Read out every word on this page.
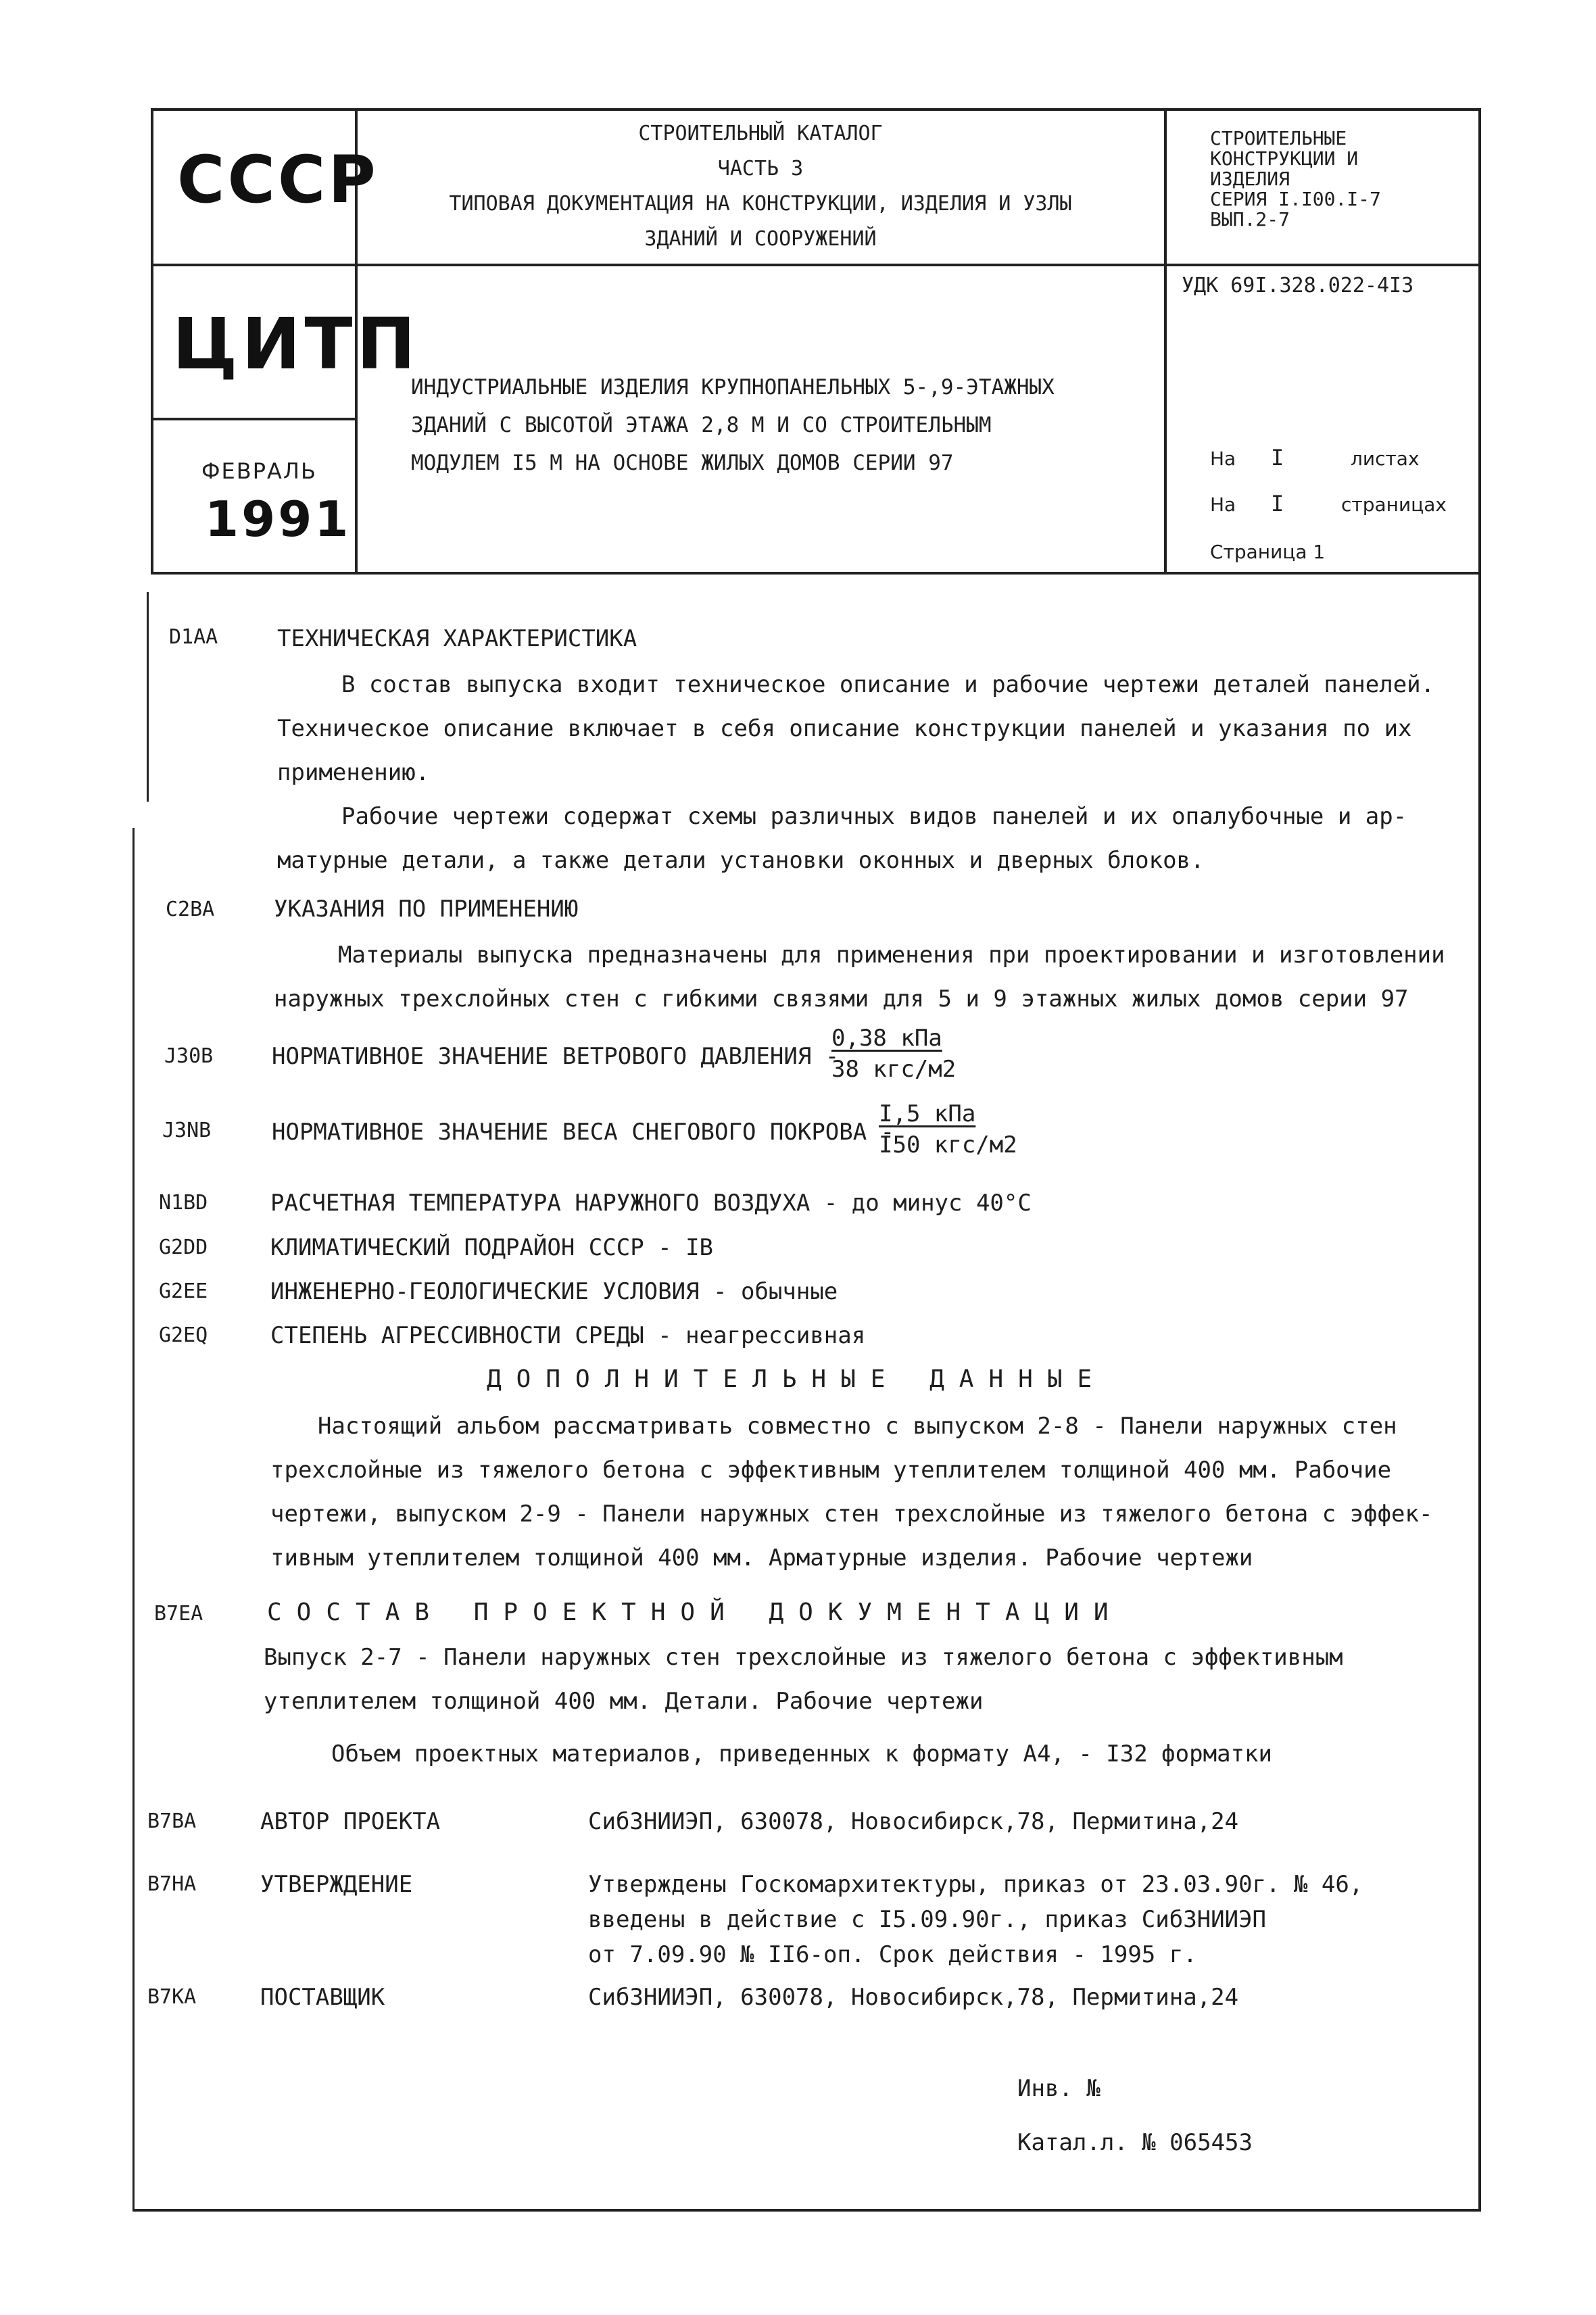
СССР
ЦИТП
ФЕВРАЛЬ
1991
СТРОИТЕЛЬНЫЙ КАТАЛОГ
ЧАСТЬ 3
ТИПОВАЯ ДОКУМЕНТАЦИЯ НА КОНСТРУКЦИИ, ИЗДЕЛИЯ И УЗЛЫ
ЗДАНИЙ И СООРУЖЕНИЙ
СТРОИТЕЛЬНЫЕ
КОНСТРУКЦИИ И
ИЗДЕЛИЯ
СЕРИЯ I.I00.I-7
ВЫП.2-7
УДК 69I.328.022-4I3
ИНДУСТРИАЛЬНЫЕ ИЗДЕЛИЯ КРУПНОПАНЕЛЬНЫХ 5-,9-ЭТАЖНЫХ
ЗДАНИЙ С ВЫСОТОЙ ЭТАЖА 2,8 М И СО СТРОИТЕЛЬНЫМ
МОДУЛЕМ I5 М НА ОСНОВЕ ЖИЛЫХ ДОМОВ СЕРИИ 97	На I	листах
На I	страницах
Страница 1
D1AA	ТЕХНИЧЕСКАЯ ХАРАКТЕРИСТИКА
В состав выпуска входит техническое описание и рабочие чертежи деталей панелей.
Техническое описание включает в себя описание конструкции панелей и указания по их
применению.
Рабочие чертежи содержат схемы различных видов панелей и их опалубочные и ар-
матурные детали, а также детали установки оконных и дверных блоков.
C2BA	УКАЗАНИЯ ПО ПРИМЕНЕНИЮ
Материалы выпуска предназначены для применения при проектировании и изготовлении
наружных трехслойных стен с гибкими связями для 5 и 9 этажных жилых домов серии 97
J30B	НОРМАТИВНОЕ ЗНАЧЕНИЕ ВЕТРОВОГО ДАВЛЕНИЯ -
0,38 кПа
38 кгс/м2
J3NB	НОРМАТИВНОЕ ЗНАЧЕНИЕ ВЕСА СНЕГОВОГО ПОКРОВА -
I,5 кПа
I50 кгс/м2
N1BD	РАСЧЕТНАЯ ТЕМПЕРАТУРА НАРУЖНОГО ВОЗДУХА - до минус 40°С
G2DD	КЛИМАТИЧЕСКИЙ ПОДРАЙОН СССР - IB
G2EE	ИНЖЕНЕРНО-ГЕОЛОГИЧЕСКИЕ УСЛОВИЯ - обычные
G2EQ	СТЕПЕНЬ АГРЕССИВНОСТИ СРЕДЫ - неагрессивная
ДОПОЛНИТЕЛЬНЫЕ ДАННЫЕ
Настоящий альбом рассматривать совместно с выпуском 2-8 - Панели наружных стен
трехслойные из тяжелого бетона с эффективным утеплителем толщиной 400 мм. Рабочие
чертежи, выпуском 2-9 - Панели наружных стен трехслойные из тяжелого бетона с эффек-
тивным утеплителем толщиной 400 мм. Арматурные изделия. Рабочие чертежи
B7EA	СОСТАВ ПРОЕКТНОЙ ДОКУМЕНТАЦИИ
Выпуск 2-7 - Панели наружных стен трехслойные из тяжелого бетона с эффективным
утеплителем толщиной 400 мм. Детали. Рабочие чертежи
Объем проектных материалов, приведенных к формату А4, - I32 форматки
B7BA	АВТОР ПРОЕКТА	СибЗНИИЭП, 630078, Новосибирск,78, Пермитина,24
B7HA	УТВЕРЖДЕНИЕ	Утверждены Госкомархитектуры, приказ от 23.03.90г. № 46,
введены в действие с I5.09.90г., приказ СибЗНИИЭП
от 7.09.90 № II6-оп. Срок действия - 1995 г.
B7KA	ПОСТАВЩИК	СибЗНИИЭП, 630078, Новосибирск,78, Пермитина,24
Инв. №
Катал.л. № 065453
